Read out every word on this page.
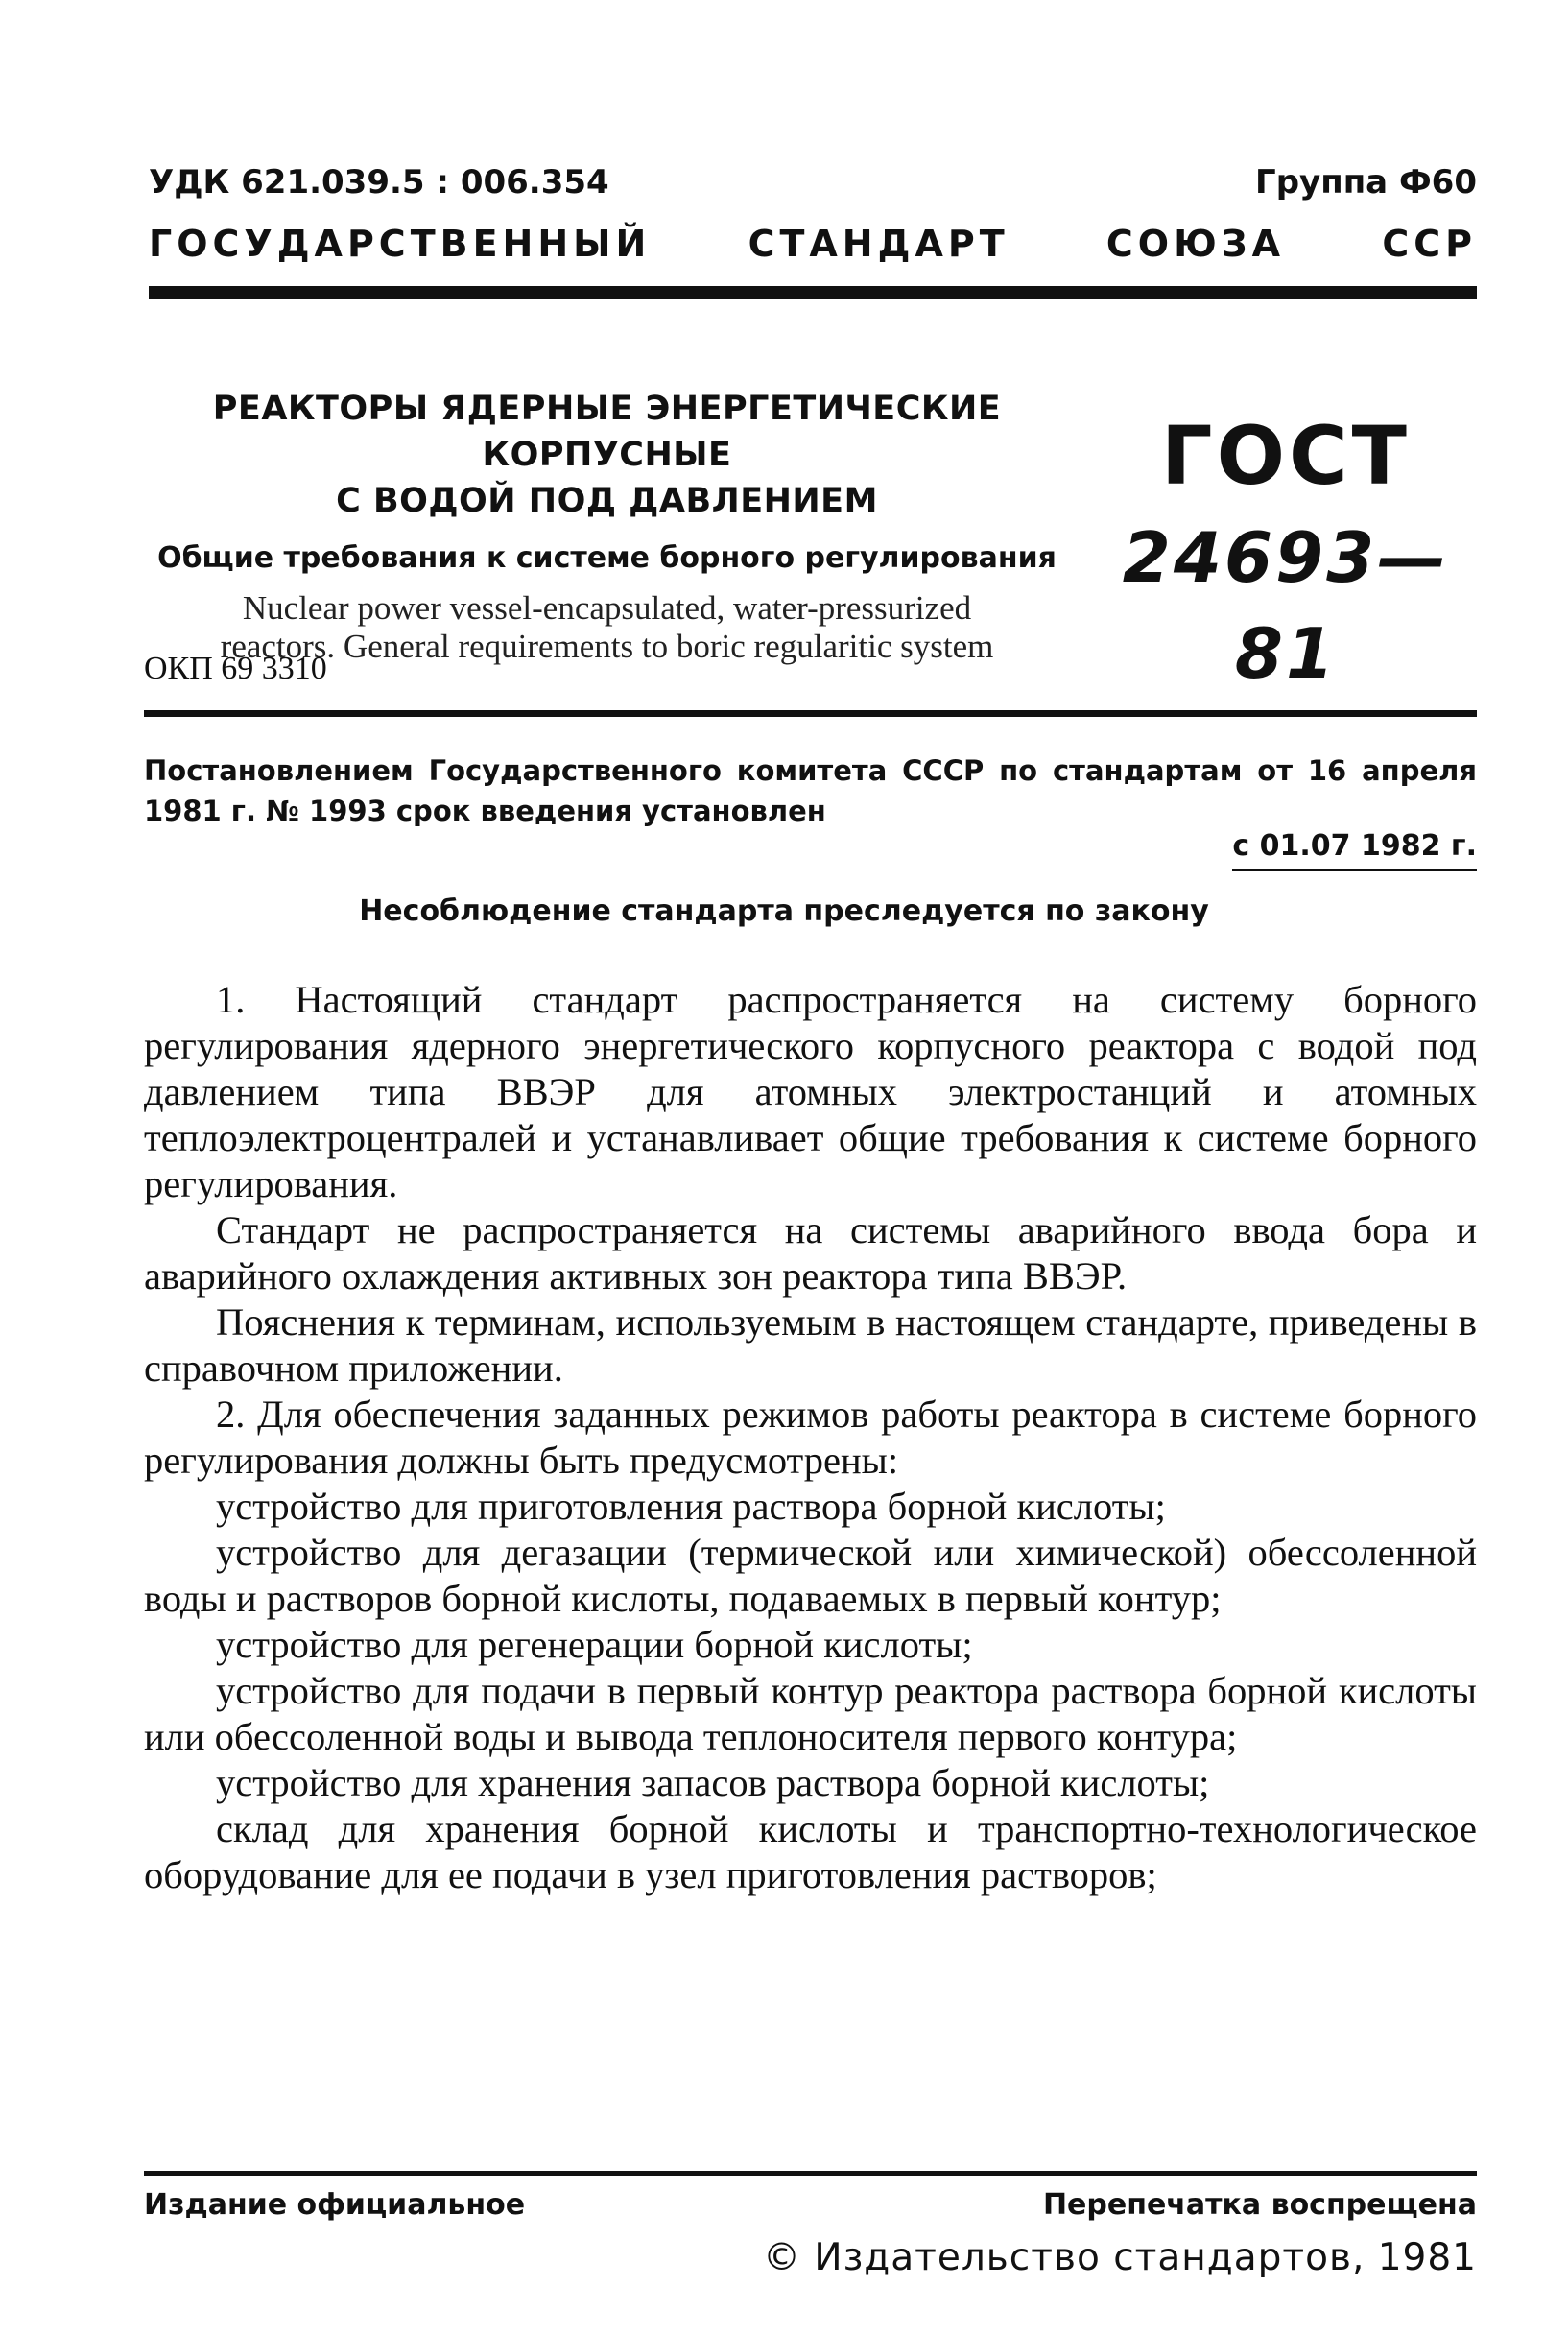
УДК 621.039.5 : 006.354	Группа Ф60
ГОСУДАРСТВЕННЫЙ	СТАНДАРТ	СОЮЗА	ССР
РЕАКТОРЫ ЯДЕРНЫЕ ЭНЕРГЕТИЧЕСКИЕ КОРПУСНЫЕ
С ВОДОЙ ПОД ДАВЛЕНИЕМ
Общие требования к системе борного регулирования
Nuclear power vessel-encapsulated, water-pressurized
reactors. General requirements to boric regularitic system
ГОСТ
24693—81
ОКП 69 3310
Постановлением Государственного комитета СССР по стандартам от 16 апреля 1981 г. № 1993 срок введения установлен
с 01.07 1982 г.
Несоблюдение стандарта преследуется по закону

1. Настоящий стандарт распространяется на систему борного регулирования ядерного энергетического корпусного реактора с водой под давлением типа ВВЭР для атомных электростанций и атомных теплоэлектроцентралей и устанавливает общие требования к системе борного регулирования.

Стандарт не распространяется на системы аварийного ввода бора и аварийного охлаждения активных зон реактора типа ВВЭР.

Пояснения к терминам, используемым в настоящем стандарте, приведены в справочном приложении.

2. Для обеспечения заданных режимов работы реактора в системе борного регулирования должны быть предусмотрены:

устройство для приготовления раствора борной кислоты;

устройство для дегазации (термической или химической) обессоленной воды и растворов борной кислоты, подаваемых в первый контур;

устройство для регенерации борной кислоты;

устройство для подачи в первый контур реактора раствора борной кислоты или обессоленной воды и вывода теплоносителя первого контура;

устройство для хранения запасов раствора борной кислоты;

склад для хранения борной кислоты и транспортно-технологическое оборудование для ее подачи в узел приготовления растворов;

Издание официальное	Перепечатка воспрещена
© Издательство стандартов, 1981
